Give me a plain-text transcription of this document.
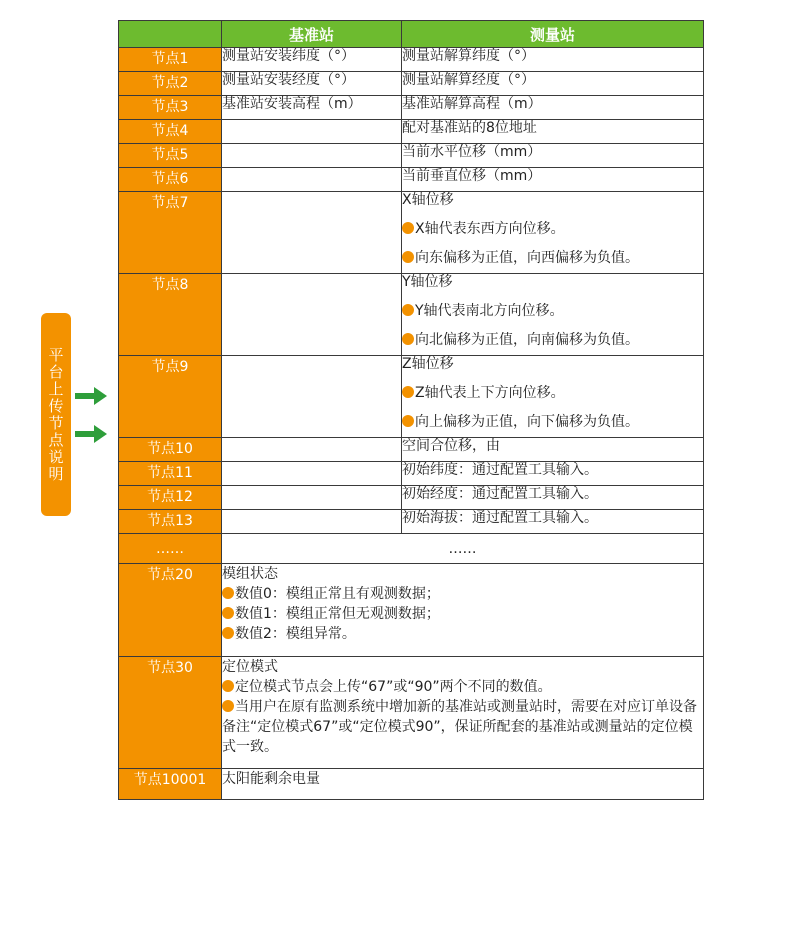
平台上传节点说明
	基准站	测量站
节点1	测量站安装纬度（°）	测量站解算纬度（°）
节点2	测量站安装经度（°）	测量站解算经度（°）
节点3	基准站安装高程（m）	基准站解算高程（m）
节点4		配对基准站的8位地址
节点5		当前水平位移（mm）
节点6		当前垂直位移（mm）
节点7		X轴位移
X轴代表东西方向位移。
向东偏移为正值，向西偏移为负值。

节点8		Y轴位移
Y轴代表南北方向位移。
向北偏移为正值，向南偏移为负值。

节点9		Z轴位移
Z轴代表上下方向位移。
向上偏移为正值，向下偏移为负值。

节点10		空间合位移，由
节点11		初始纬度：通过配置工具输入。
节点12		初始经度：通过配置工具输入。
节点13		初始海拔：通过配置工具输入。
……	……	
节点20	模组状态
数值0：模组正常且有观测数据；
数值1：模组正常但无观测数据；
数值2：模组异常。	

节点30	定位模式
定位模式节点会上传“67”或“90”两个不同的数值。
当用户在原有监测系统中增加新的基准站或测量站时，需要在对应订单设备备注“定位模式67”或“定位模式90”，保证所配套的基准站或测量站的定位模式一致。	

节点10001	太阳能剩余电量	
